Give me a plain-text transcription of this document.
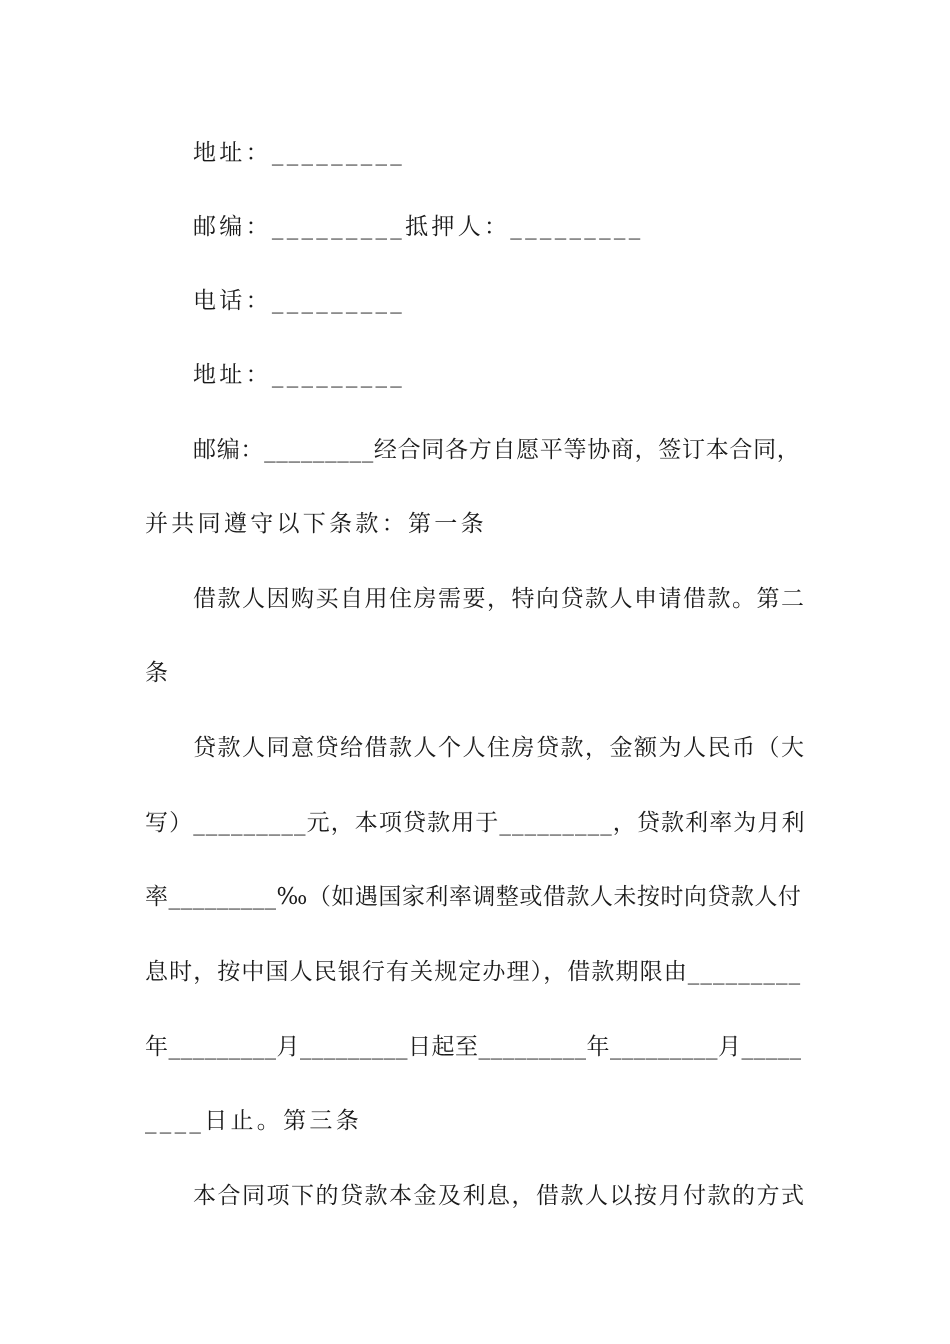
地址：_________
邮编：_________抵押人：_________
电话：_________
地址：_________
邮编：_________经合同各方自愿平等协商，签订本合同，
并共同遵守以下条款：第一条
借款人因购买自用住房需要，特向贷款人申请借款。第二
条
贷款人同意贷给借款人个人住房贷款，金额为人民币（大
写）_________元，本项贷款用于_________，贷款利率为月利
率_________‰（如遇国家利率调整或借款人未按时向贷款人付
息时，按中国人民银行有关规定办理），借款期限由_________
年_________月_________日起至_________年_________月_____
____日止。第三条
本合同项下的贷款本金及利息，借款人以按月付款的方式
